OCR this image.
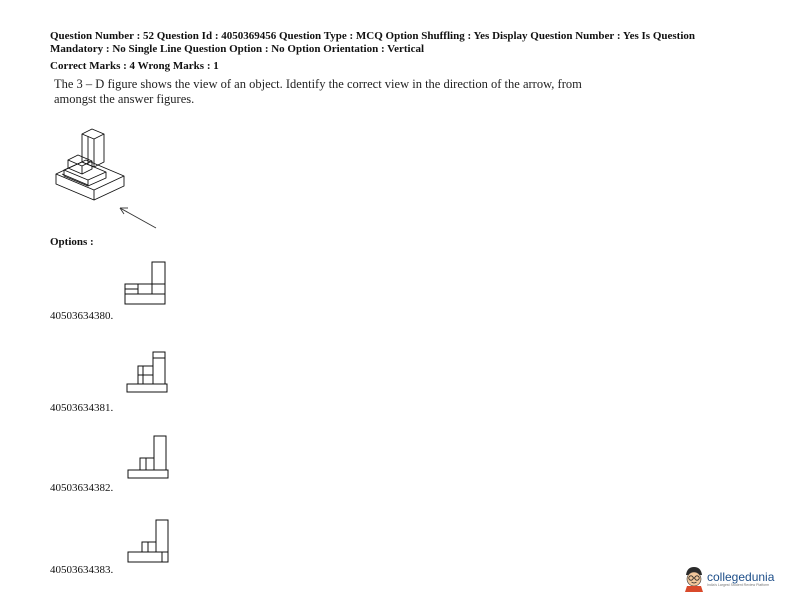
Question Number : 52 Question Id : 4050369456 Question Type : MCQ Option Shuffling : Yes Display Question Number : Yes Is Question Mandatory : No Single Line Question Option : No Option Orientation : Vertical
Correct Marks : 4 Wrong Marks : 1
The 3 – D figure shows the view of an object. Identify the correct view in the direction of the arrow, from amongst the answer figures.
Options :
40503634380.
40503634381.
40503634382.
40503634383.	collegedunia
India's Largest Student Review Platform
